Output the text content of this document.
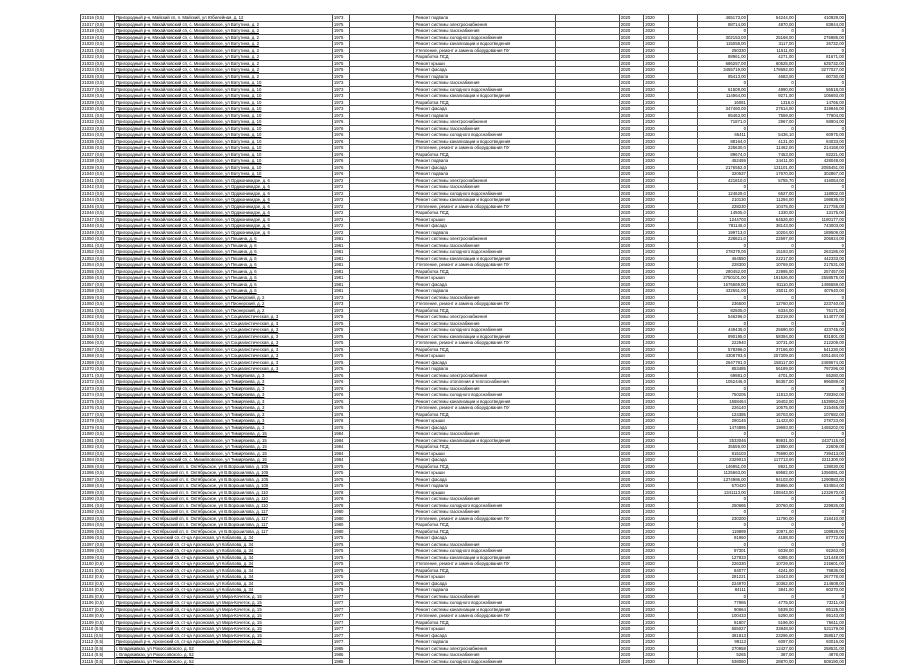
21016 (0,5)	Пригородный р-н, Майский сп, п. Майский, ул Юбилейная, д. 12	1973		Ремонт подвала		2020	2020		465173,00	54244,00	410929,00
21017 (0,5)	Пригородный р-н, Михайловский сп, с. Михайловское, ул Ватутина, д. 2	1975		Ремонт системы электроснабжения		2020	2020		88714,00	4870,00	83844,00
21018 (0,5)	Пригородный р-н, Михайловский сп, с. Михайловское, ул Ватутина, д. 2	1975		Ремонт системы газоснабжения		2020	2020		0	0	0
21019 (0,5)	Пригородный р-н, Михайловский сп, с. Михайловское, ул Ватутина, д. 2	1975		Ремонт системы холодного водоснабжения		2020	2020		302153,00	25168,00	276985,00
21020 (0,5)	Пригородный р-н, Михайловский сп, с. Михайловское, ул Ватутина, д. 2	1975		Ремонт системы канализации и водоотведения		2020	2020		115058,00	3117,00	26732,00
21021 (0,5)	Пригородный р-н, Михайловский сп, с. Михайловское, ул Ватутина, д. 2	1975		Утепление, ремонт и замена оборудования ПУ		2020	2020		250330	11511,00	0
21022 (0,5)	Пригородный р-н, Михайловский сп, с. Михайловское, ул Ватутина, д. 2	1975		Разработка ПСД		2020	2020		88961,00	4271,00	81671,00
21023 (0,5)	Пригородный р-н, Михайловский сп, с. Михайловское, ул Ватутина, д. 2	1975		Ремонт крыши		2020	2020		686257,00	60525,00	625732,00
21024 (0,5)	Пригородный р-н, Михайловский сп, с. Михайловское, ул Ватутина, д. 2	1975		Ремонт фасада		2020	2020		3455719,00	178692,00	3277027,00
21025 (0,5)	Пригородный р-н, Михайловский сп, с. Михайловское, ул Ватутина, д. 2	1975		Ремонт подвала		2020	2020		85413,00	4683,00	80730,00
21026 (0,5)	Пригородный р-н, Михайловский сп, с. Михайловское, ул Ватутина, д. 10	1973		Ремонт системы газоснабжения		2020	2020		0	0	0
21027 (0,5)	Пригородный р-н, Михайловский сп, с. Михайловское, ул Ватутина, д. 10	1973		Ремонт системы холодного водоснабжения		2020	2020		61508,00	4990,00	56518,00
21028 (0,5)	Пригородный р-н, Михайловский сп, с. Михайловское, ул Ватутина, д. 10	1973		Ремонт системы канализации и водоотведения		2020	2020		114964,00	9271,00	105693,00
21029 (0,5)	Пригородный р-н, Михайловский сп, с. Михайловское, ул Ватутина, д. 10	1973		Разработка ПСД		2020	2020		16081	1316,0	14765,00
21030 (0,5)	Пригородный р-н, Михайловский сп, с. Михайловское, ул Ватутина, д. 10	1973		Ремонт фасада		2020	2020		347460,00	27614,00	319846,00
21031 (0,5)	Пригородный р-н, Михайловский сп, с. Михайловское, ул Ватутина, д. 10	1973		Ремонт подвала		2020	2020		85463,00	7559,00	77904,00
21032 (0,5)	Пригородный р-н, Михайловский сп, с. Михайловское, ул Ватутина, д. 10	1976		Ремонт системы электроснабжения		2020	2020		71871,0	2967,00	68904,00
21033 (0,5)	Пригородный р-н, Михайловский сп, с. Михайловское, ул Ватутина, д. 10	1976		Ремонт системы газоснабжения		2020	2020		0	0	0
21034 (0,5)	Пригородный р-н, Михайловский сп, с. Михайловское, ул Ватутина, д. 10	1976		Ремонт системы холодного водоснабжения		2020	2020		65411	5436,10	60975,00
21035 (0,5)	Пригородный р-н, Михайловский сп, с. Михайловское, ул Ватутина, д. 10	1976		Ремонт системы канализации и водоотведения		2020	2020		88164,0	4131,00	84033,00
21036 (0,5)	Пригородный р-н, Михайловский сп, с. Михайловское, ул Ватутина, д. 10	1976		Утепление, ремонт и замена оборудования ПУ		2020	2020		225630,0	11462,00	214168,00
21037 (0,5)	Пригородный р-н, Михайловский сп, с. Михайловское, ул Ватутина, д. 10	1976		Разработка ПСД		2020	2020		89674,0	7453,00	82221,00
21038 (0,5)	Пригородный р-н, Михайловский сп, с. Михайловское, ул Ватутина, д. 10	1976		Ремонт подвала		2020	2020		452459	24411,00	428048,00
21039 (0,5)	Пригородный р-н, Михайловский сп, с. Михайловское, ул Ватутина, д. 10	1976		Ремонт фасада		2020	2020		2176552,0	121101,00	2055451,00
21040 (0,5)	Пригородный р-н, Михайловский сп, с. Михайловское, ул Ватутина, д. 10	1976		Ремонт подвала		2020	2020		320537	17670,00	302867,00
21041 (0,5)	Пригородный р-н, Михайловский сп, с. Михайловское, ул Орджоникидзе, д. 6	1972		Ремонт системы электроснабжения		2020	2020		421810,0	5755,70	416054,00
21042 (0,5)	Пригородный р-н, Михайловский сп, с. Михайловское, ул Орджоникидзе, д. 6	1972		Ремонт системы газоснабжения		2020	2020		0	0	0
21043 (0,5)	Пригородный р-н, Михайловский сп, с. Михайловское, ул Орджоникидзе, д. 6	1972		Ремонт системы холодного водоснабжения		2020	2020		124629,0	6627,00	118002,00
21044 (0,5)	Пригородный р-н, Михайловский сп, с. Михайловское, ул Орджоникидзе, д. 6	1972		Ремонт системы канализации и водоотведения		2020	2020		210130	11294,00	198836,00
21045 (0,5)	Пригородный р-н, Михайловский сп, с. Михайловское, ул Орджоникидзе, д. 6	1972		Утепление, ремонт и замена оборудования ПУ		2020	2020		228230	10475,00	217755,00
21046 (0,5)	Пригородный р-н, Михайловский сп, с. Михайловское, ул Орджоникидзе, д. 6	1972		Разработка ПСД		2020	2020		14505,0	1330,00	13175,00
21047 (0,5)	Пригородный р-н, Михайловский сп, с. Михайловское, ул Орджоникидзе, д. 6	1972		Ремонт крыши		2020	2020		1244703	64526,00	1180177,00
21048 (0,5)	Пригородный р-н, Михайловский сп, с. Михайловское, ул Орджоникидзе, д. 6	1972		Ремонт фасада		2020	2020		781146,0	38143,00	743003,00
21049 (0,5)	Пригородный р-н, Михайловский сп, с. Михайловское, ул Орджоникидзе, д. 6	1972		Ремонт подвала		2020	2020		199713,0	10204,00	189509,00
21050 (0,5)	Пригородный р-н, Михайловский сп, с. Михайловское, ул Пешина, д. 6	1981		Ремонт системы электроснабжения		2020	2020		228621,0	22697,00	205924,00
21051 (0,5)	Пригородный р-н, Михайловский сп, с. Михайловское, ул Пешина, д. 6	1981		Ремонт системы газоснабжения		2020	2020		0	0	0
21052 (0,5)	Пригородный р-н, Михайловский сп, с. Михайловское, ул Пешина, д. 6	1981		Ремонт системы холодного водоснабжения		2020	2020		278379,00	15193,00	263186,00
21053 (0,5)	Пригородный р-н, Михайловский сп, с. Михайловское, ул Пешина, д. 6	1981		Ремонт системы канализации и водоотведения		2020	2020		464550	22217,00	442333,00
21054 (0,5)	Пригородный р-н, Михайловский сп, с. Михайловское, ул Пешина, д. 6	1981		Утепление, ремонт и замена оборудования ПУ		2020	2020		228300	10769,00	217531,00
21055 (0,5)	Пригородный р-н, Михайловский сп, с. Михайловское, ул Пешина, д. 6	1981		Разработка ПСД		2020	2020		280452,00	22995,00	257457,00
21056 (0,5)	Пригородный р-н, Михайловский сп, с. Михайловское, ул Пешина, д. 6	1981		Ремонт крыши		2020	2020		2750101,00	191526,00	2558575,00
21057 (0,5)	Пригородный р-н, Михайловский сп, с. Михайловское, ул Пешина, д. 6	1981		Ремонт фасада		2020	2020		1576669,00	81110,00	1495559,00
21058 (0,5)	Пригородный р-н, Михайловский сп, с. Михайловское, ул Пешина, д. 6	1981		Ремонт подвала		2020	2020		432651,00	25011,00	407640,00
21059 (0,5)	Пригородный р-н, Михайловский сп, с. Михайловское, ул Пионерский, д. 2	1973		Ремонт системы газоснабжения		2020	2020		0	0	0
21060 (0,5)	Пригородный р-н, Михайловский сп, с. Михайловское, ул Пионерский, д. 2	1973		Утепление, ремонт и замена оборудования ПУ		2020	2020		236500	12760,00	223740,00
21061 (0,5)	Пригородный р-н, Михайловский сп, с. Михайловское, ул Пионерский, д. 2	1973		Разработка ПСД		2020	2020		82505,0	6334,00	76171,00
21062 (0,5)	Пригородный р-н, Михайловский сп, с. Михайловское, ул Социалистическая, д. 3	1975		Ремонт системы электроснабжения		2020	2020		546296,0	32219,00	514077,00
21063 (0,5)	Пригородный р-н, Михайловский сп, с. Михайловское, ул Социалистическая, д. 3	1975		Ремонт системы газоснабжения		2020	2020		0	0	0
21064 (0,5)	Пригородный р-н, Михайловский сп, с. Михайловское, ул Социалистическая, д. 3	1975		Ремонт системы холодного водоснабжения		2020	2020		449435,0	25690,00	423745,00
21065 (0,5)	Пригородный р-н, Михайловский сп, с. Михайловское, ул Социалистическая, д. 3	1975		Ремонт системы канализации и водоотведения		2020	2020		890195,0	58394,00	831801,00
21066 (0,5)	Пригородный р-н, Михайловский сп, с. Михайловское, ул Социалистическая, д. 3	1975		Утепление, ремонт и замена оборудования ПУ		2020	2020		222940	10731,00	212209,00
21067 (0,5)	Пригородный р-н, Михайловский сп, с. Михайловское, ул Социалистическая, д. 3	1975		Разработка ПСД		2020	2020		578396,0	37166,00	541230,00
21068 (0,5)	Пригородный р-н, Михайловский сп, с. Михайловское, ул Социалистическая, д. 3	1975		Ремонт крыши		2020	2020		4308793,0	257309,00	4051484,00
21069 (0,5)	Пригородный р-н, Михайловский сп, с. Михайловское, ул Социалистическая, д. 3	1975		Ремонт фасада		2020	2020		2647791,0	158117,00	2489674,00
21070 (0,5)	Пригородный р-н, Михайловский сп, с. Михайловское, ул Социалистическая, д. 3	1975		Ремонт подвала		2020	2020		853485	56189,00	797296,00
21071 (0,5)	Пригородный р-н, Михайловский сп, с. Михайловское, ул Тимирязева, д. 3	1976		Ремонт системы электроснабжения		2020	2020		69981,0	4701,00	65280,00
21072 (0,5)	Пригородный р-н, Михайловский сп, с. Михайловское, ул Тимирязева, д. 3	1976		Ремонт системы отопления и теплоснабжения		2020	2020		1052446,0	56357,00	996089,00
21073 (0,5)	Пригородный р-н, Михайловский сп, с. Михайловское, ул Тимирязева, д. 3	1976		Ремонт системы газоснабжения		2020	2020		0	0	0
21074 (0,5)	Пригородный р-н, Михайловский сп, с. Михайловское, ул Тимирязева, д. 3	1976		Ремонт системы холодного водоснабжения		2020	2020		750205	11813,00	738392,00
21075 (0,5)	Пригородный р-н, Михайловский сп, с. Михайловское, ул Тимирязева, д. 3	1976		Ремонт системы канализации и водоотведения		2020	2020		1558464	19402,00	1539062,00
21076 (0,5)	Пригородный р-н, Михайловский сп, с. Михайловское, ул Тимирязева, д. 3	1976		Утепление, ремонт и замена оборудования ПУ		2020	2020		226140	10675,00	215465,00
21077 (0,5)	Пригородный р-н, Михайловский сп, с. Михайловское, ул Тимирязева, д. 3	1976		Разработка ПСД		2020	2020		124385	16703,00	107682,00
21078 (0,5)	Пригородный р-н, Михайловский сп, с. Михайловское, ул Тимирязева, д. 3	1976		Ремонт крыши		2020	2020		290146	11423,00	278723,00
21079 (0,5)	Пригородный р-н, Михайловский сп, с. Михайловское, ул Тимирязева, д. 3	1976		Ремонт фасада		2020	2020		1474895	19693,00	1455202,00
21080 (0,5)	Пригородный р-н, Михайловский сп, с. Михайловское, ул Тимирязева, д. 15	1984		Ремонт системы газоснабжения		2020	2020		0	0	0
21081 (0,5)	Пригородный р-н, Михайловский сп, с. Михайловское, ул Тимирязева, д. 15	1984		Ремонт системы канализации и водоотведения		2020	2020		2533046	95931,00	2437115,00
21082 (0,5)	Пригородный р-н, Михайловский сп, с. Михайловское, ул Тимирязева, д. 15	1984		Разработка ПСД		2020	2020		35559,00	12950,00	22609,00
21083 (0,5)	Пригородный р-н, Михайловский сп, с. Михайловское, ул Тимирязева, д. 15	1984		Ремонт крыши		2020	2020		815103	75690,00	739413,00
21084 (0,5)	Пригородный р-н, Михайловский сп, с. Михайловское, ул Тимирязева, д. 15	1984		Ремонт фасада		2020	2020		2329013	117713,00	2211300,00
21085 (0,5)	Пригородный р-н, Октябрьский сп, п. Октябрьское, ул В.Ворошилова, д. 105	1975		Разработка ПСД		2020	2020		146951,00	8921,00	138030,00
21086 (0,5)	Пригородный р-н, Октябрьский сп, п. Октябрьское, ул В.Ворошилова, д. 105	1975		Ремонт крыши		2020	2020		1125663,00	69582,00	1056081,00
21087 (0,5)	Пригородный р-н, Октябрьский сп, п. Октябрьское, ул В.Ворошилова, д. 105	1975		Ремонт фасада		2020	2020		1374986,00	84103,00	1290883,00
21088 (0,5)	Пригородный р-н, Октябрьский сп, п. Октябрьское, ул В.Ворошилова, д. 105	1975		Ремонт подвала		2020	2020		570420	35866,00	534554,00
21089 (0,5)	Пригородный р-н, Октябрьский сп, п. Октябрьское, ул В.Ворошилова, д. 110	1978		Ремонт крыши		2020	2020		1341113,00	108443,00	1232670,00
21090 (0,5)	Пригородный р-н, Октябрьский сп, п. Октябрьское, ул В.Ворошилова, д. 110	1978		Ремонт системы газоснабжения		2020	2020		0	0	0
21091 (0,5)	Пригородный р-н, Октябрьский сп, п. Октябрьское, ул В.Ворошилова, д. 110	1978		Ремонт системы холодного водоснабжения		2020	2020		250686	20760,00	229926,00
21092 (0,5)	Пригородный р-н, Октябрьский сп, п. Октябрьское, ул В.Ворошилова, д. 117	1980		Ремонт системы газоснабжения		2020	2020		0	0	0
21093 (0,5)	Пригородный р-н, Октябрьский сп, п. Октябрьское, ул В.Ворошилова, д. 117	1980		Утепление, ремонт и замена оборудования ПУ		2020	2020		230200	11790,00	218410,00
21094 (0,5)	Пригородный р-н, Октябрьский сп, п. Октябрьское, ул В.Ворошилова, д. 117	1980		Разработка ПСД		2020	2020		0	0	0
21095 (0,5)	Пригородный р-н, Октябрьский сп, п. Октябрьское, ул В.Ворошилова, д. 117	1980		Разработка ПСД		2020	2020		119899	10971,00	108928,00
21096 (0,5)	Пригородный р-н, Архонский сп, ст-ца Архонская, ул Кобалова, д. 34	1975		Ремонт фасада		2020	2020		91960	4188,00	87772,00
21097 (0,5)	Пригородный р-н, Архонский сп, ст-ца Архонская, ул Кобалова, д. 34	1975		Ремонт системы газоснабжения		2020	2020		0	0	0
21098 (0,5)	Пригородный р-н, Архонский сп, ст-ца Архонская, ул Кобалова, д. 34	1975		Ремонт системы холодного водоснабжения		2020	2020		97301	5038,00	92263,00
21099 (0,5)	Пригородный р-н, Архонский сп, ст-ца Архонская, ул Кобалова, д. 34	1975		Ремонт системы канализации и водоотведения		2020	2020		127833	6385,00	121448,00
21100 (0,5)	Пригородный р-н, Архонский сп, ст-ца Архонская, ул Кобалова, д. 34	1975		Утепление, ремонт и замена оборудования ПУ		2020	2020		226330	10729,00	215601,00
21101 (0,5)	Пригородный р-н, Архонский сп, ст-ца Архонская, ул Кобалова, д. 34	1975		Разработка ПСД		2020	2020		84077	4241,00	79836,00
21102 (0,5)	Пригородный р-н, Архонский сп, ст-ца Архонская, ул Кобалова, д. 34	1975		Ремонт крыши		2020	2020		281221	13443,00	267778,00
21103 (0,5)	Пригородный р-н, Архонский сп, ст-ца Архонская, ул Кобалова, д. 34	1975		Ремонт фасада		2020	2020		224970	10362,00	214608,00
21104 (0,5)	Пригородный р-н, Архонский сп, ст-ца Архонская, ул Кобалова, д. 34	1975		Ремонт подвала		2020	2020		84111	3841,00	80270,00
21105 (0,5)	Пригородный р-н, Архонский сп, ст-ца Архонская, ул Мира-Кочеток, д. 15	1977		Ремонт системы газоснабжения		2020	2020		0	0	0
21106 (0,5)	Пригородный р-н, Архонский сп, ст-ца Архонская, ул Мира-Кочеток, д. 15	1977		Ремонт системы холодного водоснабжения		2020	2020		77986	4775,00	73211,00
21107 (0,5)	Пригородный р-н, Архонский сп, ст-ца Архонская, ул Мира-Кочеток, д. 15	1977		Ремонт системы канализации и водоотведения		2020	2020		90664	5539,00	85125,00
21108 (0,5)	Пригородный р-н, Архонский сп, ст-ца Архонская, ул Мира-Кочеток, д. 15	1977		Утепление, ремонт и замена оборудования ПУ		2020	2020		100433	5290,00	95143,00
21109 (0,5)	Пригородный р-н, Архонский сп, ст-ца Архонская, ул Мира-Кочеток, д. 15	1977		Разработка ПСД		2020	2020		81807	5196,00	76611,00
21110 (0,5)	Пригородный р-н, Архонский сп, ст-ца Архонская, ул Мира-Кочеток, д. 15	1977		Ремонт крыши		2020	2020		555027	33848,00	521179,00
21111 (0,5)	Пригородный р-н, Архонский сп, ст-ца Архонская, ул Мира-Кочеток, д. 15	1977		Ремонт фасада		2020	2020		381813	23296,00	358517,00
21112 (0,5)	Пригородный р-н, Архонский сп, ст-ца Архонская, ул Мира-Кочеток, д. 15	1977		Ремонт подвала		2020	2020		99113	6097,00	93016,00
21113 (0,5)	г. Владикавказ, ул Рокоссовского, д. 52	1985		Ремонт системы электроснабжения		2020	2020		270958	12427,00	258531,00
21114 (0,5)	г. Владикавказ, ул Рокоссовского, д. 52	1985		Ремонт системы газоснабжения		2020	2020		5265	387,00	4878,00
21115 (0,5)	г. Владикавказ, ул Рокоссовского, д. 52	1985		Ремонт системы холодного водоснабжения		2020	2020		538060	28870,00	509190,00
